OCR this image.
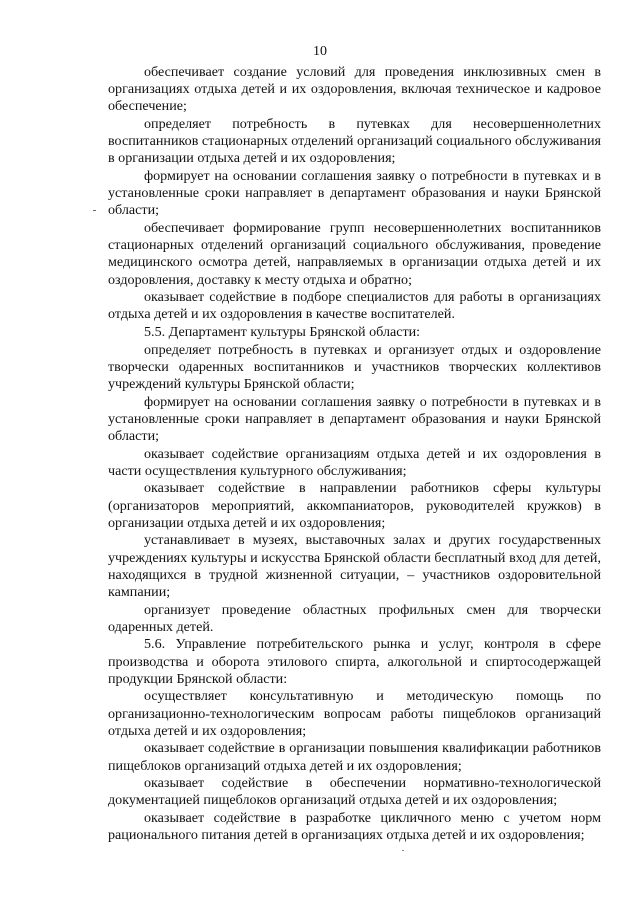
10

обеспечивает создание условий для проведения инклюзивных смен в организациях отдыха детей и их оздоровления, включая техническое и кадровое обеспечение;

определяет потребность в путевках для несовершеннолетних воспитанников стационарных отделений организаций социального обслуживания в организации отдыха детей и их оздоровления;

формирует на основании соглашения заявку о потребности в путевках и в установленные сроки направляет в департамент образования и науки Брянской области;

обеспечивает формирование групп несовершеннолетних воспитанников стационарных отделений организаций социального обслуживания, проведение медицинского осмотра детей, направляемых в организации отдыха детей и их оздоровления, доставку к месту отдыха и обратно;

оказывает содействие в подборе специалистов для работы в организациях отдыха детей и их оздоровления в качестве воспитателей.

5.5. Департамент культуры Брянской области:

определяет потребность в путевках и организует отдых и оздоровление творчески одаренных воспитанников и участников творческих коллективов учреждений культуры Брянской области;

формирует на основании соглашения заявку о потребности в путевках и в установленные сроки направляет в департамент образования и науки Брянской области;

оказывает содействие организациям отдыха детей и их оздоровления в части осуществления культурного обслуживания;

оказывает содействие в направлении работников сферы культуры (организаторов мероприятий, аккомпаниаторов, руководителей кружков) в организации отдыха детей и их оздоровления;

устанавливает в музеях, выставочных залах и других государственных учреждениях культуры и искусства Брянской области бесплатный вход для детей, находящихся в трудной жизненной ситуации, – участников оздоровительной кампании;

организует проведение областных профильных смен для творчески одаренных детей.

5.6. Управление потребительского рынка и услуг, контроля в сфере производства и оборота этилового спирта, алкогольной и спиртосодержащей продукции Брянской области:

осуществляет консультативную и методическую помощь по организационно-технологическим вопросам работы пищеблоков организаций отдыха детей и их оздоровления;

оказывает содействие в организации повышения квалификации работников пищеблоков организаций отдыха детей и их оздоровления;

оказывает содействие в обеспечении нормативно-технологической документацией пищеблоков организаций отдыха детей и их оздоровления;

оказывает содействие в разработке цикличного меню с учетом норм рационального питания детей в организациях отдыха детей и их оздоровления;
